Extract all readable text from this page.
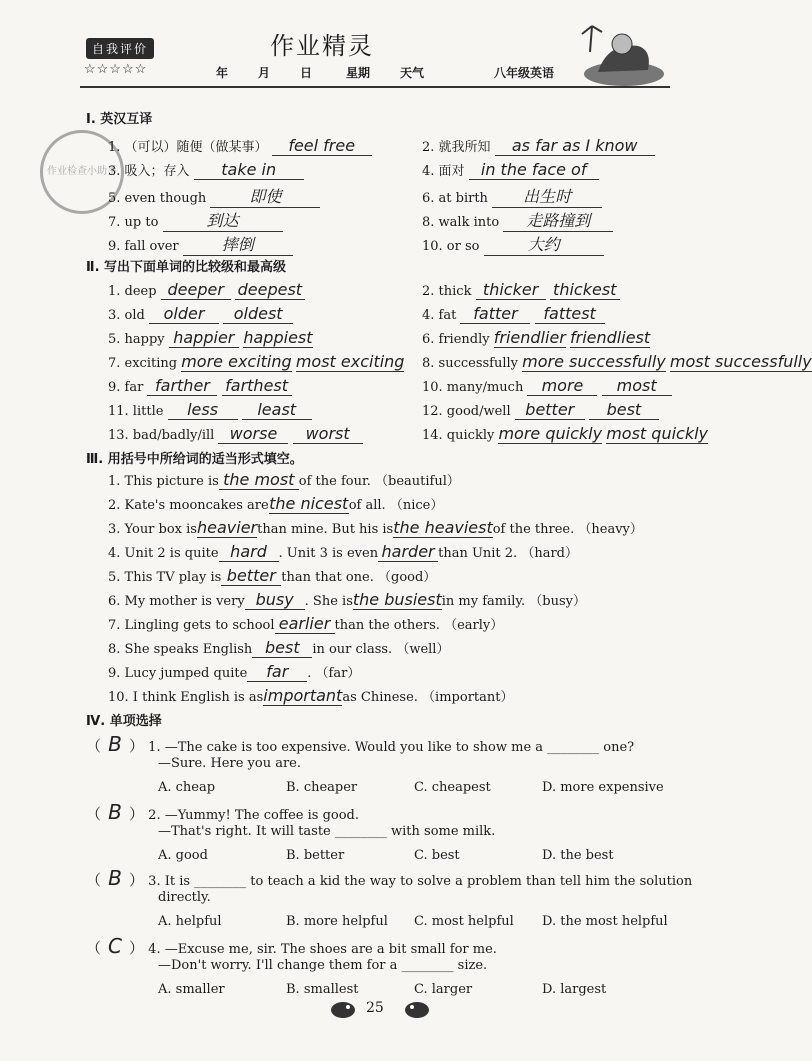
自我评价
☆☆☆☆☆
作业精灵
年 月 日	星期 天气	八年级英语
作业检查小助手
Ⅰ. 英汉互译
1. （可以）随便（做某事） feel free	2. 就我所知 as far as I know
3. 吸入；存入 take in	4. 面对 in the face of
5. even though	即使	6. at birth 出生时
7. up to	到达	8. walk into 走路撞到
9. fall over	摔倒	10. or so	大约
Ⅱ. 写出下面单词的比较级和最高级
1. deep deeper deepest	2. thick thicker thickest
3. old older oldest	4. fat fatter fattest
5. happy happier happiest	6. friendly friendlier friendliest
7. exciting more exciting most exciting 8. successfully more successfully most successfully
9. far farther farthest	10. many/much more most
11. little less least	12. good/well better best
13. bad/badly/ill worse worst	14. quickly more quickly most quickly
Ⅲ. 用括号中所给词的适当形式填空。
1. This picture is the most of the four. （beautiful）
2. Kate's mooncakes arethe nicestof all. （nice）
3. Your box isheavierthan mine. But his isthe heaviestof the three. （heavy）
4. Unit 2 is quite hard . Unit 3 is even harder than Unit 2. （hard）
5. This TV play is better than that one. （good）
6. My mother is very busy . She isthe busiestin my family. （busy）
7. Lingling gets to school earlier than the others. （early）
8. She speaks English best in our class. （well）
9. Lucy jumped quite far . （far）
10. I think English is asimportantas Chinese. （important）
Ⅳ. 单项选择
（ B ） 1. —The cake is too expensive. Would you like to show me a ________ one?
—Sure. Here you are.
A. cheap	B. cheaper	C. cheapest	D. more expensive
（ B ） 2. —Yummy! The coffee is good.
—That's right. It will taste ________ with some milk.
A. good	B. better	C. best	D. the best
（ B ） 3. It is ________ to teach a kid the way to solve a problem than tell him the solution
directly.
A. helpful	B. more helpful C. most helpful D. the most helpful
（ C ） 4. —Excuse me, sir. The shoes are a bit small for me.
—Don't worry. I'll change them for a ________ size.
A. smaller	B. smallest	C. larger	D. largest
25
